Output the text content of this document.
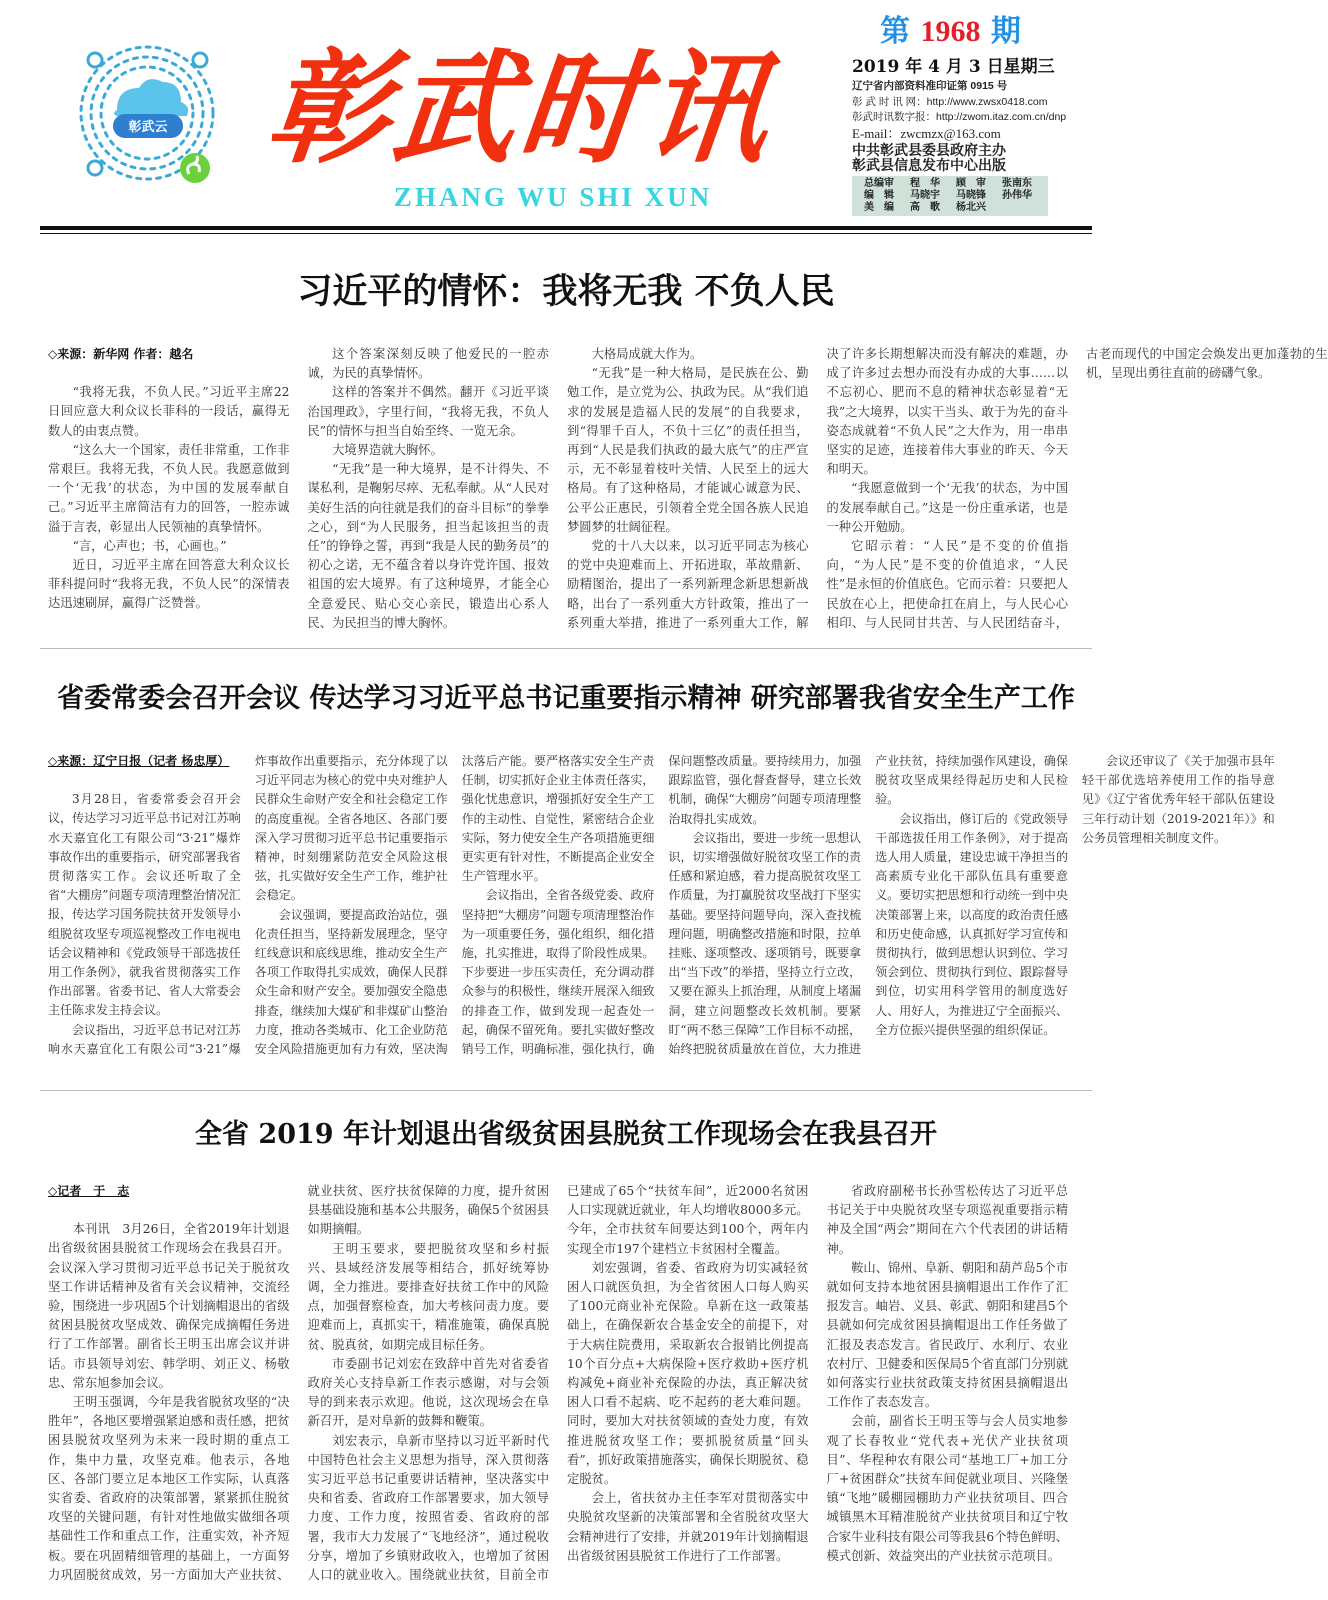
彰武云 彰武时讯
ZHANG WU SHI XUN
第 1968 期
2019 年 4 月 3 日星期三
辽宁省内部资料准印证第 0915 号
彰 武 时 讯 网：http://www.zwsx0418.com
彰武时讯数字报：http://zwom.itaz.com.cn/dnp
E-mail：zwcmzx@163.com
中共彰武县委县政府主办
彰武县信息发布中心出版
总编审	程　华	顾　审	张南东
编　辑	马晓宇	马晓锋	孙伟华
美　编	高　歌	杨北兴
习近平的情怀：我将无我 不负人民

◇来源：新华网 作者：越名

“我将无我，不负人民。”习近平主席22日回应意大利众议长菲科的一段话，赢得无数人的由衷点赞。

“这么大一个国家，责任非常重，工作非常艰巨。我将无我，不负人民。我愿意做到一个‘无我’的状态，为中国的发展奉献自己。”习近平主席简洁有力的回答，一腔赤诚溢于言表，彰显出人民领袖的真挚情怀。

“言，心声也；书，心画也。”

近日，习近平主席在回答意大利众议长菲科提问时“我将无我，不负人民”的深情表达迅速刷屏，赢得广泛赞誉。

这个答案深刻反映了他爱民的一腔赤诚，为民的真挚情怀。

这样的答案并不偶然。翻开《习近平谈治国理政》，字里行间，“我将无我，不负人民”的情怀与担当自始至终、一览无余。

大境界造就大胸怀。

“无我”是一种大境界，是不计得失、不谋私利，是鞠躬尽瘁、无私奉献。从“人民对美好生活的向往就是我们的奋斗目标”的拳拳之心，到“为人民服务，担当起该担当的责任”的铮铮之誓，再到“我是人民的勤务员”的初心之诺，无不蕴含着以身许党许国、报效祖国的宏大境界。有了这种境界，才能全心全意爱民、贴心交心亲民，锻造出心系人民、为民担当的博大胸怀。

大格局成就大作为。

“无我”是一种大格局，是民族在公、勤勉工作，是立党为公、执政为民。从“我们追求的发展是造福人民的发展”的自我要求，到“得罪千百人，不负十三亿”的责任担当，再到“人民是我们执政的最大底气”的庄严宣示，无不彰显着枝叶关情、人民至上的远大格局。有了这种格局，才能诚心诚意为民、公平公正惠民，引领着全党全国各族人民追梦圆梦的壮阔征程。

党的十八大以来，以习近平同志为核心的党中央迎难而上、开拓进取，革故鼎新、励精图治，提出了一系列新理念新思想新战略，出台了一系列重大方针政策，推出了一系列重大举措，推进了一系列重大工作，解决了许多长期想解决而没有解决的难题，办成了许多过去想办而没有办成的大事……以不忘初心、肥而不息的精神状态彰显着“无我”之大境界，以实干当头、敢于为先的奋斗姿态成就着“不负人民”之大作为，用一串串坚实的足迹，连接着伟大事业的昨天、今天和明天。

“我愿意做到一个‘无我’的状态，为中国的发展奉献自己。”这是一份庄重承诺，也是一种公开勉励。

它昭示着：“人民”是不变的价值指向，“为人民”是不变的价值追求，“人民性”是永恒的价值底色。它而示着：只要把人民放在心上，把使命扛在肩上，与人民心心相印、与人民同甘共苦、与人民团结奋斗，古老而现代的中国定会焕发出更加蓬勃的生机，呈现出勇往直前的磅礴气象。

省委常委会召开会议 传达学习习近平总书记重要指示精神 研究部署我省安全生产工作

◇来源：辽宁日报（记者 杨忠厚）

3月28日，省委常委会召开会议，传达学习习近平总书记对江苏响水天嘉宜化工有限公司“3·21”爆炸事故作出的重要指示，研究部署我省贯彻落实工作。会议还听取了全省“大棚房”问题专项清理整治情况汇报，传达学习国务院扶贫开发领导小组脱贫攻坚专项巡视整改工作电视电话会议精神和《党政领导干部选拔任用工作条例》，就我省贯彻落实工作作出部署。省委书记、省人大常委会主任陈求发主持会议。

会议指出，习近平总书记对江苏响水天嘉宜化工有限公司“3·21”爆炸事故作出重要指示，充分体现了以习近平同志为核心的党中央对维护人民群众生命财产安全和社会稳定工作的高度重视。全省各地区、各部门要深入学习贯彻习近平总书记重要指示精神，时刻绷紧防范安全风险这根弦，扎实做好安全生产工作，维护社会稳定。

会议强调，要提高政治站位，强化责任担当，坚持新发展理念，坚守红线意识和底线思维，推动安全生产各项工作取得扎实成效，确保人民群众生命和财产安全。要加强安全隐患排查，继续加大煤矿和非煤矿山整治力度，推动各类城市、化工企业防范安全风险措施更加有力有效，坚决淘汰落后产能。要严格落实安全生产责任制，切实抓好企业主体责任落实，强化忧患意识，增强抓好安全生产工作的主动性、自觉性，紧密结合企业实际，努力使安全生产各项措施更细更实更有针对性，不断提高企业安全生产管理水平。

会议指出，全省各级党委、政府坚持把“大棚房”问题专项清理整治作为一项重要任务，强化组织，细化措施，扎实推进，取得了阶段性成果。下步要进一步压实责任，充分调动群众参与的积极性，继续开展深入细致的排查工作，做到发现一起查处一起，确保不留死角。要扎实做好整改销号工作，明确标准，强化执行，确保问题整改质量。要持续用力，加强跟踪监管，强化督查督导，建立长效机制，确保“大棚房”问题专项清理整治取得扎实成效。

会议指出，要进一步统一思想认识，切实增强做好脱贫攻坚工作的责任感和紧迫感，着力提高脱贫攻坚工作质量，为打赢脱贫攻坚战打下坚实基础。要坚持问题导向，深入查找梳理问题，明确整改措施和时限，拉单挂账、逐项整改、逐项销号，既要拿出“当下改”的举措，坚持立行立改，又要在源头上抓治理，从制度上堵漏洞，建立问题整改长效机制。要紧盯“两不愁三保障”工作目标不动摇，始终把脱贫质量放在首位，大力推进产业扶贫，持续加强作风建设，确保脱贫攻坚成果经得起历史和人民检验。

会议指出，修订后的《党政领导干部选拔任用工作条例》，对于提高选人用人质量，建设忠诚干净担当的高素质专业化干部队伍具有重要意义。要切实把思想和行动统一到中央决策部署上来，以高度的政治责任感和历史使命感，认真抓好学习宣传和贯彻执行，做到思想认识到位、学习领会到位、贯彻执行到位、跟踪督导到位，切实用科学管用的制度选好人、用好人，为推进辽宁全面振兴、全方位振兴提供坚强的组织保证。

会议还审议了《关于加强市县年轻干部优选培养使用工作的指导意见》《辽宁省优秀年轻干部队伍建设三年行动计划（2019-2021年）》和公务员管理相关制度文件。

全省 2019 年计划退出省级贫困县脱贫工作现场会在我县召开

◇记者　于　志

本刊讯　3月26日，全省2019年计划退出省级贫困县脱贫工作现场会在我县召开。会议深入学习贯彻习近平总书记关于脱贫攻坚工作讲话精神及省有关会议精神，交流经验，围绕进一步巩固5个计划摘帽退出的省级贫困县脱贫攻坚成效、确保完成摘帽任务进行了工作部署。副省长王明玉出席会议并讲话。市县领导刘宏、韩学明、刘正义、杨敬忠、常东旭参加会议。

王明玉强调，今年是我省脱贫攻坚的“决胜年”，各地区要增强紧迫感和责任感，把贫困县脱贫攻坚列为未来一段时期的重点工作，集中力量，攻坚克难。他表示，各地区、各部门要立足本地区工作实际，认真落实省委、省政府的决策部署，紧紧抓住脱贫攻坚的关键问题，有针对性地做实做细各项基础性工作和重点工作，注重实效，补齐短板。要在巩固精细管理的基础上，一方面努力巩固脱贫成效，另一方面加大产业扶贫、就业扶贫、医疗扶贫保障的力度，提升贫困县基础设施和基本公共服务，确保5个贫困县如期摘帽。

王明玉要求，要把脱贫攻坚和乡村振兴、县域经济发展等相结合，抓好统筹协调，全力推进。要排查好扶贫工作中的风险点，加强督察检查，加大考核问责力度。要迎难而上，真抓实干，精准施策，确保真脱贫、脱真贫，如期完成目标任务。

市委副书记刘宏在致辞中首先对省委省政府关心支持阜新工作表示感谢，对与会领导的到来表示欢迎。他说，这次现场会在阜新召开，是对阜新的鼓舞和鞭策。

刘宏表示，阜新市坚持以习近平新时代中国特色社会主义思想为指导，深入贯彻落实习近平总书记重要讲话精神，坚决落实中央和省委、省政府工作部署要求，加大领导力度、工作力度，按照省委、省政府的部署，我市大力发展了“飞地经济”，通过税收分享，增加了乡镇财政收入，也增加了贫困人口的就业收入。围绕就业扶贫，目前全市已建成了65个“扶贫车间”，近2000名贫困人口实现就近就业，年人均增收8000多元。今年，全市扶贫车间要达到100个，两年内实现全市197个建档立卡贫困村全覆盖。

刘宏强调，省委、省政府为切实减轻贫困人口就医负担，为全省贫困人口每人购买了100元商业补充保险。阜新在这一政策基础上，在确保新农合基金安全的前提下，对于大病住院费用，采取新农合报销比例提高10个百分点+大病保险+医疗救助+医疗机构减免+商业补充保险的办法，真正解决贫困人口看不起病、吃不起药的老大难问题。同时，要加大对扶贫领域的查处力度，有效推进脱贫攻坚工作；要抓脱贫质量“回头看”，抓好政策措施落实，确保长期脱贫、稳定脱贫。

会上，省扶贫办主任李军对贯彻落实中央脱贫攻坚新的决策部署和全省脱贫攻坚大会精神进行了安排，并就2019年计划摘帽退出省级贫困县脱贫工作进行了工作部署。

省政府副秘书长孙雪松传达了习近平总书记关于中央脱贫攻坚专项巡视重要指示精神及全国“两会”期间在六个代表团的讲话精神。

鞍山、锦州、阜新、朝阳和葫芦岛5个市就如何支持本地贫困县摘帽退出工作作了汇报发言。岫岩、义县、彰武、朝阳和建昌5个县就如何完成贫困县摘帽退出工作任务做了汇报及表态发言。省民政厅、水利厅、农业农村厅、卫健委和医保局5个省直部门分别就如何落实行业扶贫政策支持贫困县摘帽退出工作作了表态发言。

会前，副省长王明玉等与会人员实地参观了长春牧业“党代表+光伏产业扶贫项目”、华程种农有限公司“基地工厂+加工分厂+贫困群众”扶贫车间促就业项目、兴隆堡镇“飞地”暖棚园棚助力产业扶贫项目、四合城镇黑木耳精准脱贫产业扶贫项目和辽宁牧合家牛业科技有限公司等我县6个特色鲜明、模式创新、效益突出的产业扶贫示范项目。
